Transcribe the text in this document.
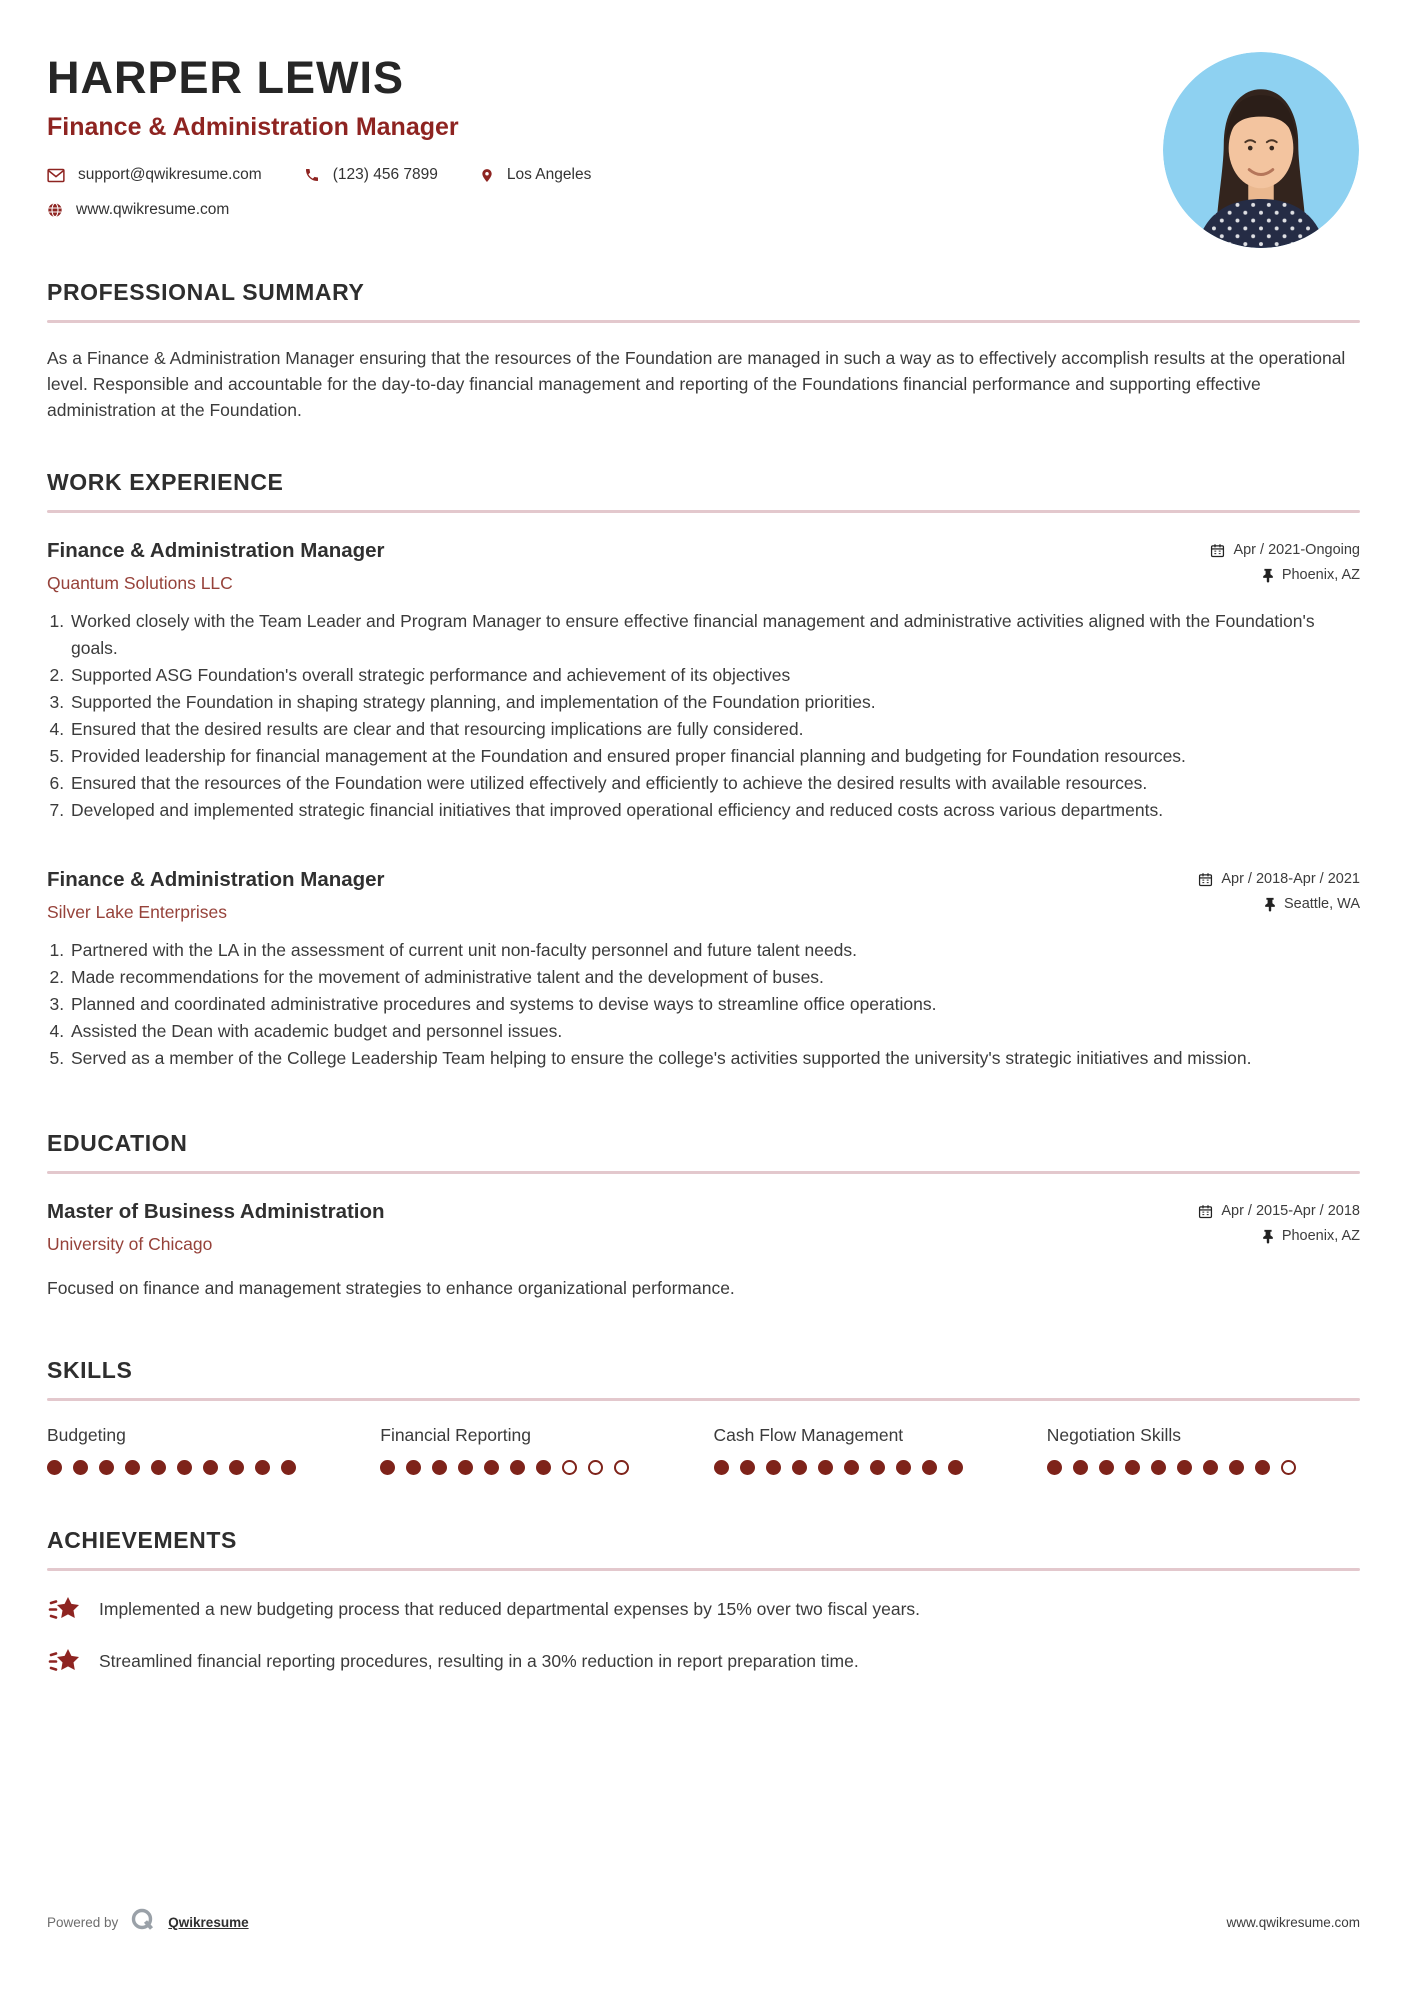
HARPER LEWIS
Finance & Administration Manager
support@qwikresume.com	(123) 456 7899	Los Angeles
www.qwikresume.com
PROFESSIONAL SUMMARY

As a Finance & Administration Manager ensuring that the resources of the Foundation are managed in such a way as to effectively accomplish results at the operational level. Responsible and accountable for the day-to-day financial management and reporting of the Foundations financial performance and supporting effective administration at the Foundation.

WORK EXPERIENCE
Finance & Administration Manager
Quantum Solutions LLC
Apr / 2021-Ongoing
Phoenix, AZ
1. Worked closely with the Team Leader and Program Manager to ensure effective financial management and administrative activities aligned with the Foundation's goals.
2. Supported ASG Foundation's overall strategic performance and achievement of its objectives
3. Supported the Foundation in shaping strategy planning, and implementation of the Foundation priorities.
4. Ensured that the desired results are clear and that resourcing implications are fully considered.
5. Provided leadership for financial management at the Foundation and ensured proper financial planning and budgeting for Foundation resources.
6. Ensured that the resources of the Foundation were utilized effectively and efficiently to achieve the desired results with available resources.
7. Developed and implemented strategic financial initiatives that improved operational efficiency and reduced costs across various departments.
Finance & Administration Manager
Silver Lake Enterprises
Apr / 2018-Apr / 2021
Seattle, WA
1. Partnered with the LA in the assessment of current unit non-faculty personnel and future talent needs.
2. Made recommendations for the movement of administrative talent and the development of buses.
3. Planned and coordinated administrative procedures and systems to devise ways to streamline office operations.
4. Assisted the Dean with academic budget and personnel issues.
5. Served as a member of the College Leadership Team helping to ensure the college's activities supported the university's strategic initiatives and mission.
EDUCATION
Master of Business Administration
University of Chicago
Apr / 2015-Apr / 2018
Phoenix, AZ

Focused on finance and management strategies to enhance organizational performance.

SKILLS
Budgeting	Financial Reporting	Cash Flow Management	Negotiation Skills
ACHIEVEMENTS

Implemented a new budgeting process that reduced departmental expenses by 15% over two fiscal years.

Streamlined financial reporting procedures, resulting in a 30% reduction in report preparation time.

Powered by	Qwikresume	www.qwikresume.com
